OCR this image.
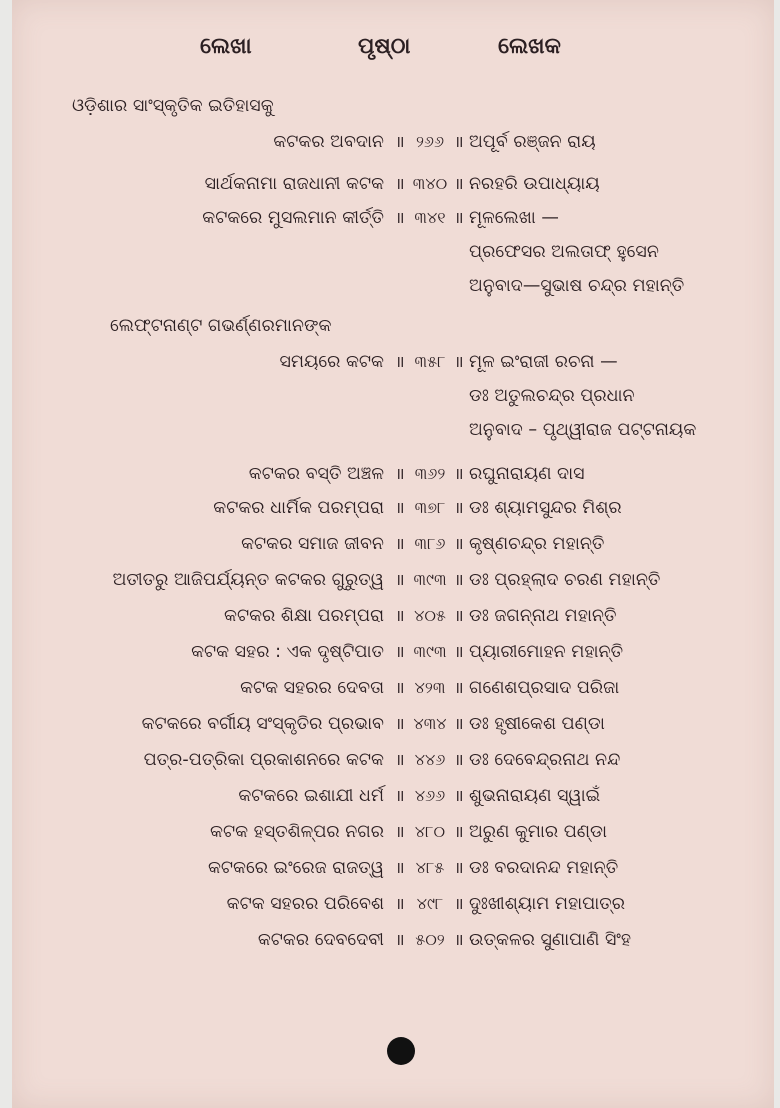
ଲେଖା	ପୃଷ୍ଠା	ଲେଖକ
ଓଡ଼ିଶାର ସାଂସ୍କୃତିକ ଇତିହାସକୁ
କଟକର ଅବଦାନ ॥ ୨୬୬ ॥ ଅପୂର୍ବ ରଞ୍ଜନ ରାୟ
ସାର୍ଥକନାମା ରାଜଧାନୀ କଟକ ॥ ୩୪୦ ॥ ନରହରି ଉପାଧ୍ୟାୟ
କଟକରେ ମୁସଲମାନ କୀର୍ତ୍ତି ॥ ୩୪୧ ॥ ମୂଳଲେଖା —
ପ୍ରଫେସର ଅଲତାଫ୍ ହୁସେନ
ଅନୁବାଦ—ସୁଭାଷ ଚନ୍ଦ୍ର ମହାନ୍ତି
ଲେଫ୍‌ଟନାଣ୍ଟ ଗଭର୍ଣ୍ଣରମାନଙ୍କ
ସମୟରେ କଟକ ॥ ୩୫୮ ॥ ମୂଳ ଇଂରାଜୀ ରଚନା —
ଡଃ ଅତୁଲଚନ୍ଦ୍ର ପ୍ରଧାନ
ଅନୁବାଦ – ପୃଥ୍ୱୀରାଜ ପଟ୍ଟନାୟକ
କଟକର ବସ୍ତି ଅଞ୍ଚଳ ॥ ୩୬୨ ॥ ରଘୁନାରାୟଣ ଦାସ
କଟକର ଧାର୍ମିକ ପରମ୍ପରା ॥ ୩୭୮ ॥ ଡଃ ଶ୍ୟାମସୁନ୍ଦର ମିଶ୍ର
କଟକର ସମାଜ ଜୀବନ ॥ ୩୮୬ ॥ କୃଷ୍ଣଚନ୍ଦ୍ର ମହାନ୍ତି
ଅତୀତରୁ ଆଜିପର୍ଯ୍ୟନ୍ତ କଟକର ଗୁରୁତ୍ୱ ॥ ୩୯୩ ॥ ଡଃ ପ୍ରହ୍ଲାଦ ଚରଣ ମହାନ୍ତି
କଟକର ଶିକ୍ଷା ପରମ୍ପରା ॥ ୪୦୫ ॥ ଡଃ ଜଗନ୍ନାଥ ମହାନ୍ତି
କଟକ ସହର : ଏକ ଦୃଷ୍ଟିପାତ ॥ ୩୯୩ ॥ ପ୍ୟାରୀମୋହନ ମହାନ୍ତି
କଟକ ସହରର ଦେବତା ॥ ୪୨୩ ॥ ଗଣେଶପ୍ରସାଦ ପରିଜା
କଟକରେ ବର୍ଗୀୟ ସଂସ୍କୃତିର ପ୍ରଭାବ ॥ ୪୩୪ ॥ ଡଃ ହୃଷୀକେଶ ପଣ୍ଡା
ପତ୍ର-ପତ୍ରିକା ପ୍ରକାଶନରେ କଟକ ॥ ୪୪୬ ॥ ଡଃ ଦେବେନ୍ଦ୍ରନାଥ ନନ୍ଦ
କଟକରେ ଇଶାଯୀ ଧର୍ମ ॥ ୪୬୬ ॥ ଶୁଭନାରାୟଣ ସ୍ୱାଇଁ
କଟକ ହସ୍ତଶିଳ୍ପର ନଗର ॥ ୪୮୦ ॥ ଅରୁଣ କୁମାର ପଣ୍ଡା
କଟକରେ ଇଂରେଜ ରାଜତ୍ୱ ॥ ୪୮୫ ॥ ଡଃ ବରଦାନନ୍ଦ ମହାନ୍ତି
କଟକ ସହରର ପରିବେଶ ॥ ୪୯୮ ॥ ଦୁଃଖୀଶ୍ୟାମ ମହାପାତ୍ର
କଟକର ଦେବଦେବୀ ॥ ୫୦୨ ॥ ଉତ୍କଳର ସୁଣାପାଣି ସିଂହ
